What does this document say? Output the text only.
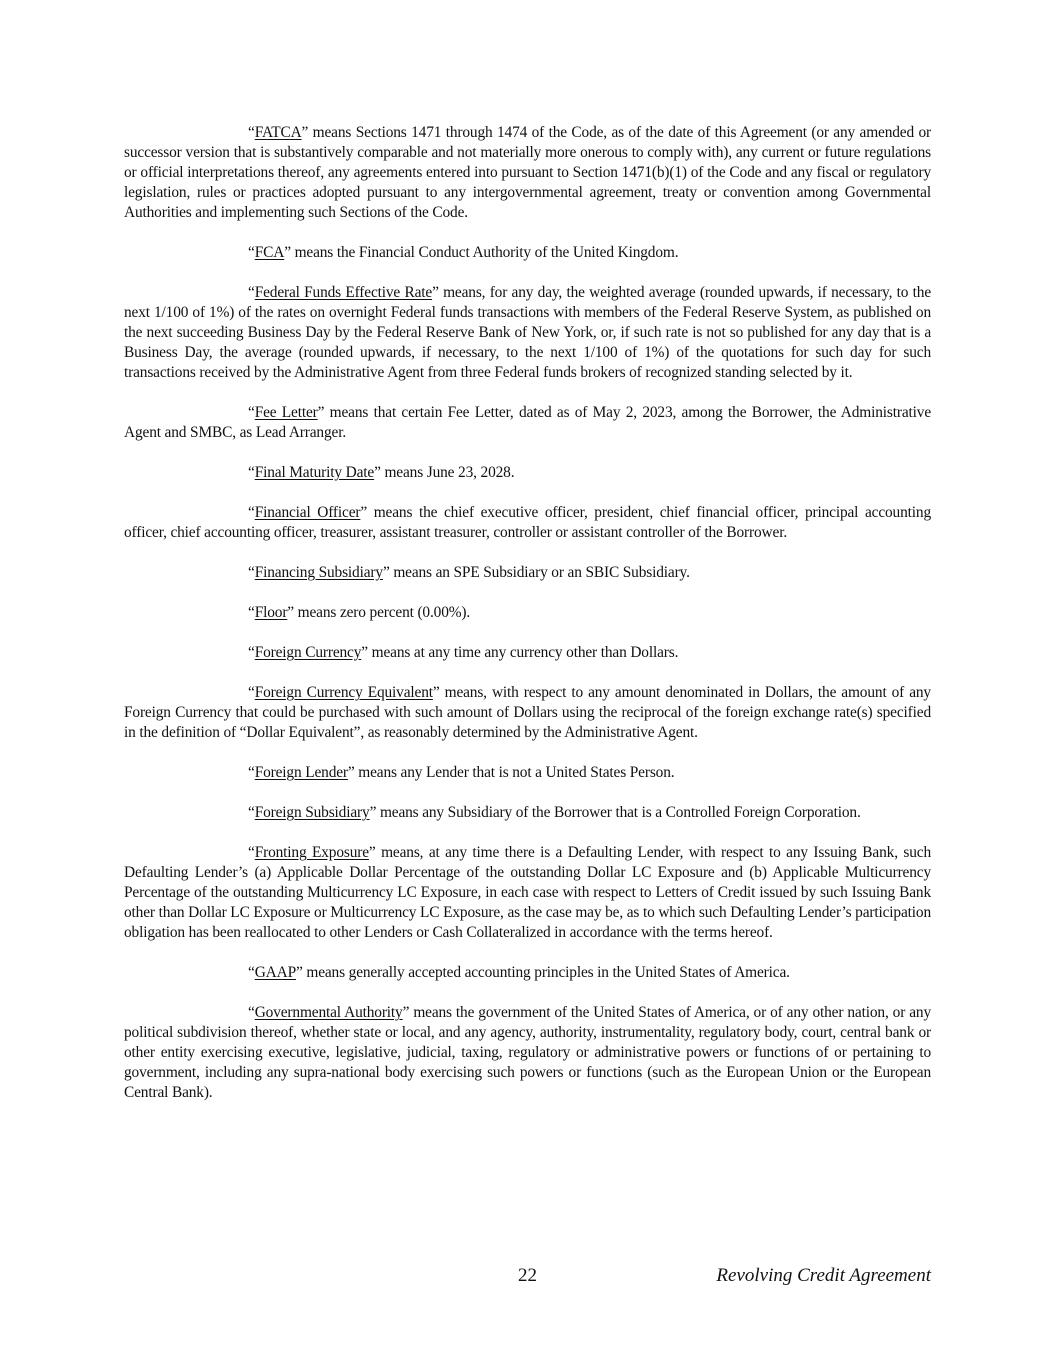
“FATCA” means Sections 1471 through 1474 of the Code, as of the date of this Agreement (or any amended or successor version that is substantively comparable and not materially more onerous to comply with), any current or future regulations or official interpretations thereof, any agreements entered into pursuant to Section 1471(b)(1) of the Code and any fiscal or regulatory legislation, rules or practices adopted pursuant to any intergovernmental agreement, treaty or convention among Governmental Authorities and implementing such Sections of the Code.

“FCA” means the Financial Conduct Authority of the United Kingdom.

“Federal Funds Effective Rate” means, for any day, the weighted average (rounded upwards, if necessary, to the next 1/100 of 1%) of the rates on overnight Federal funds transactions with members of the Federal Reserve System, as published on the next succeeding Business Day by the Federal Reserve Bank of New York, or, if such rate is not so published for any day that is a Business Day, the average (rounded upwards, if necessary, to the next 1/100 of 1%) of the quotations for such day for such transactions received by the Administrative Agent from three Federal funds brokers of recognized standing selected by it.

“Fee Letter” means that certain Fee Letter, dated as of May 2, 2023, among the Borrower, the Administrative Agent and SMBC, as Lead Arranger.

“Final Maturity Date” means June 23, 2028.

“Financial Officer” means the chief executive officer, president, chief financial officer, principal accounting officer, chief accounting officer, treasurer, assistant treasurer, controller or assistant controller of the Borrower.

“Financing Subsidiary” means an SPE Subsidiary or an SBIC Subsidiary.

“Floor” means zero percent (0.00%).

“Foreign Currency” means at any time any currency other than Dollars.

“Foreign Currency Equivalent” means, with respect to any amount denominated in Dollars, the amount of any Foreign Currency that could be purchased with such amount of Dollars using the reciprocal of the foreign exchange rate(s) specified in the definition of “Dollar Equivalent”, as reasonably determined by the Administrative Agent.

“Foreign Lender” means any Lender that is not a United States Person.

“Foreign Subsidiary” means any Subsidiary of the Borrower that is a Controlled Foreign Corporation.

“Fronting Exposure” means, at any time there is a Defaulting Lender, with respect to any Issuing Bank, such Defaulting Lender’s (a) Applicable Dollar Percentage of the outstanding Dollar LC Exposure and (b) Applicable Multicurrency Percentage of the outstanding Multicurrency LC Exposure, in each case with respect to Letters of Credit issued by such Issuing Bank other than Dollar LC Exposure or Multicurrency LC Exposure, as the case may be, as to which such Defaulting Lender’s participation obligation has been reallocated to other Lenders or Cash Collateralized in accordance with the terms hereof.

“GAAP” means generally accepted accounting principles in the United States of America.

“Governmental Authority” means the government of the United States of America, or of any other nation, or any political subdivision thereof, whether state or local, and any agency, authority, instrumentality, regulatory body, court, central bank or other entity exercising executive, legislative, judicial, taxing, regulatory or administrative powers or functions of or pertaining to government, including any supra-national body exercising such powers or functions (such as the European Union or the European Central Bank).

22	Revolving Credit Agreement
